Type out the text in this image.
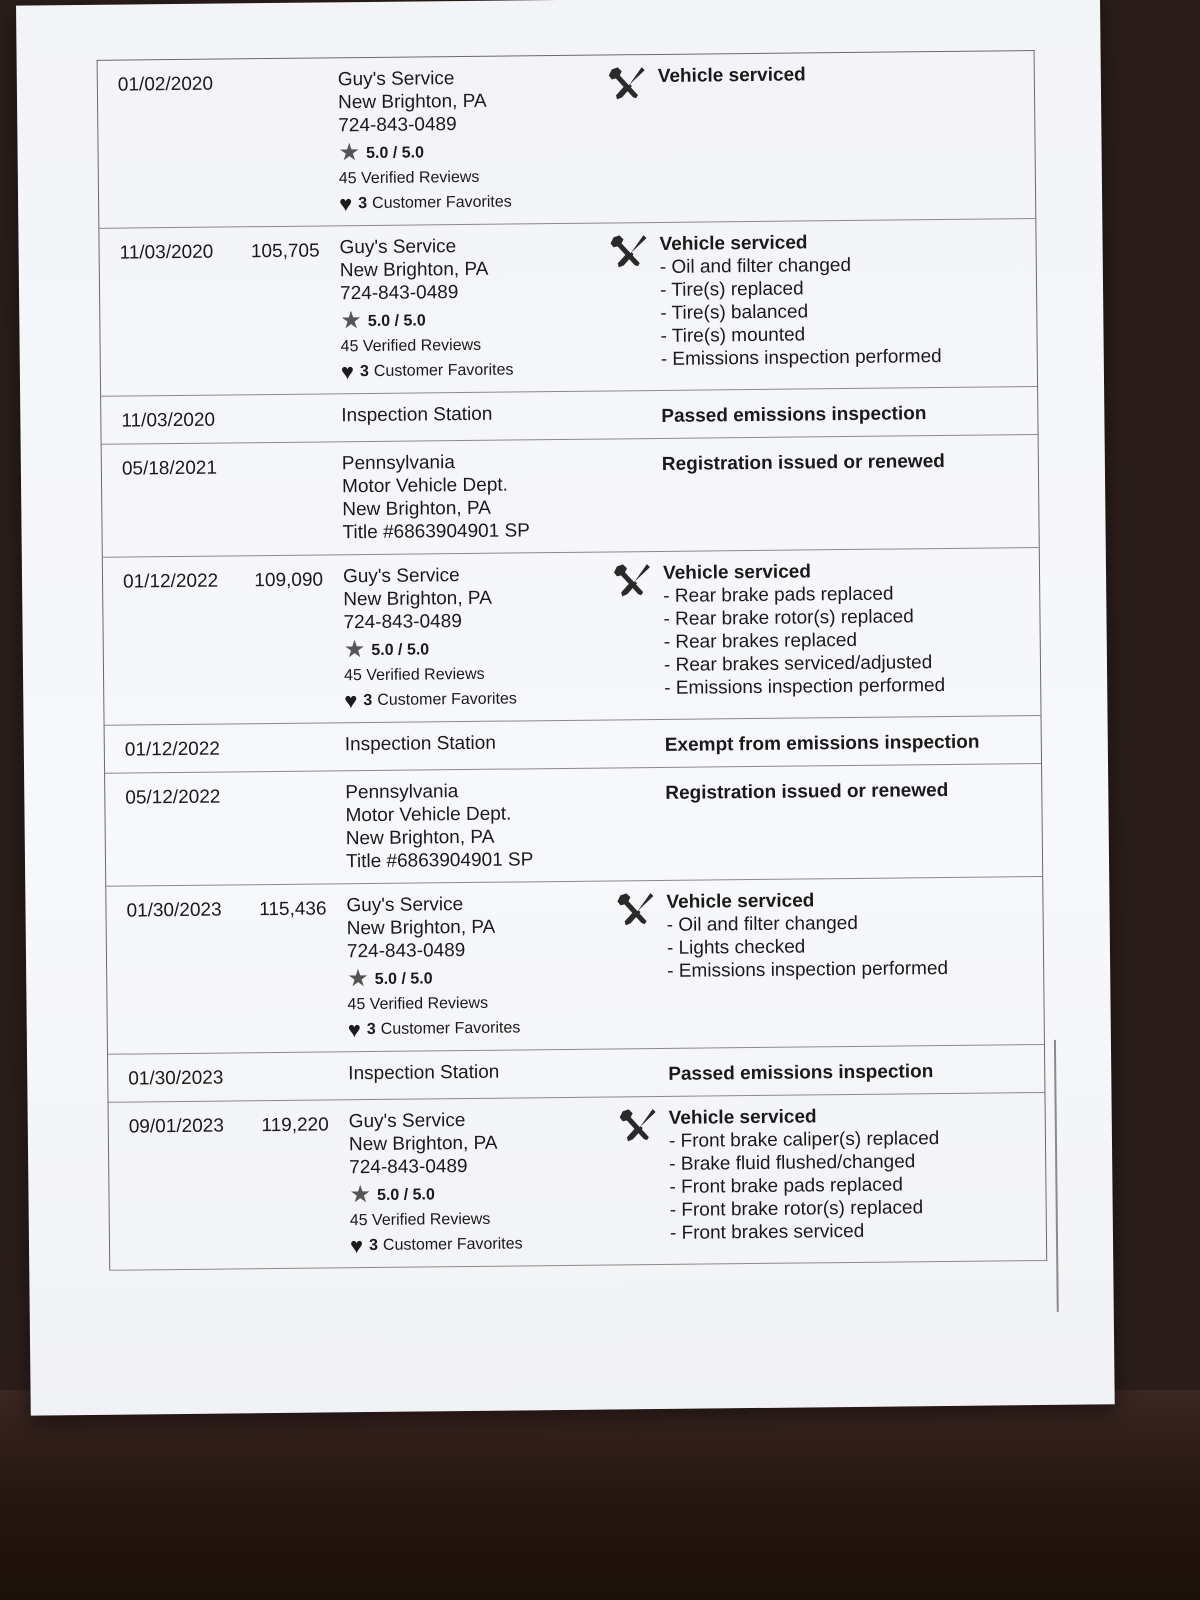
01/02/2020	Guy's Service
New Brighton, PA
724-843-0489
★ 5.0 / 5.0
45 Verified Reviews
♥ 3 Customer Favorites
Vehicle serviced
11/03/2020	105,705	Guy's Service
New Brighton, PA
724-843-0489
★ 5.0 / 5.0
45 Verified Reviews
♥ 3 Customer Favorites
Vehicle serviced
- Oil and filter changed
- Tire(s) replaced
- Tire(s) balanced
- Tire(s) mounted
- Emissions inspection performed
11/03/2020	Inspection Station	Passed emissions inspection
05/18/2021	Pennsylvania
Motor Vehicle Dept.
New Brighton, PA
Title #6863904901 SP
Registration issued or renewed
01/12/2022	109,090	Guy's Service
New Brighton, PA
724-843-0489
★ 5.0 / 5.0
45 Verified Reviews
♥ 3 Customer Favorites
Vehicle serviced
- Rear brake pads replaced
- Rear brake rotor(s) replaced
- Rear brakes replaced
- Rear brakes serviced/adjusted
- Emissions inspection performed
01/12/2022	Inspection Station	Exempt from emissions inspection
05/12/2022	Pennsylvania
Motor Vehicle Dept.
New Brighton, PA
Title #6863904901 SP
Registration issued or renewed
01/30/2023	115,436	Guy's Service
New Brighton, PA
724-843-0489
★ 5.0 / 5.0
45 Verified Reviews
♥ 3 Customer Favorites
Vehicle serviced
- Oil and filter changed
- Lights checked
- Emissions inspection performed
01/30/2023	Inspection Station	Passed emissions inspection
09/01/2023	119,220	Guy's Service
New Brighton, PA
724-843-0489
★ 5.0 / 5.0
45 Verified Reviews
♥ 3 Customer Favorites
Vehicle serviced
- Front brake caliper(s) replaced
- Brake fluid flushed/changed
- Front brake pads replaced
- Front brake rotor(s) replaced
- Front brakes serviced
